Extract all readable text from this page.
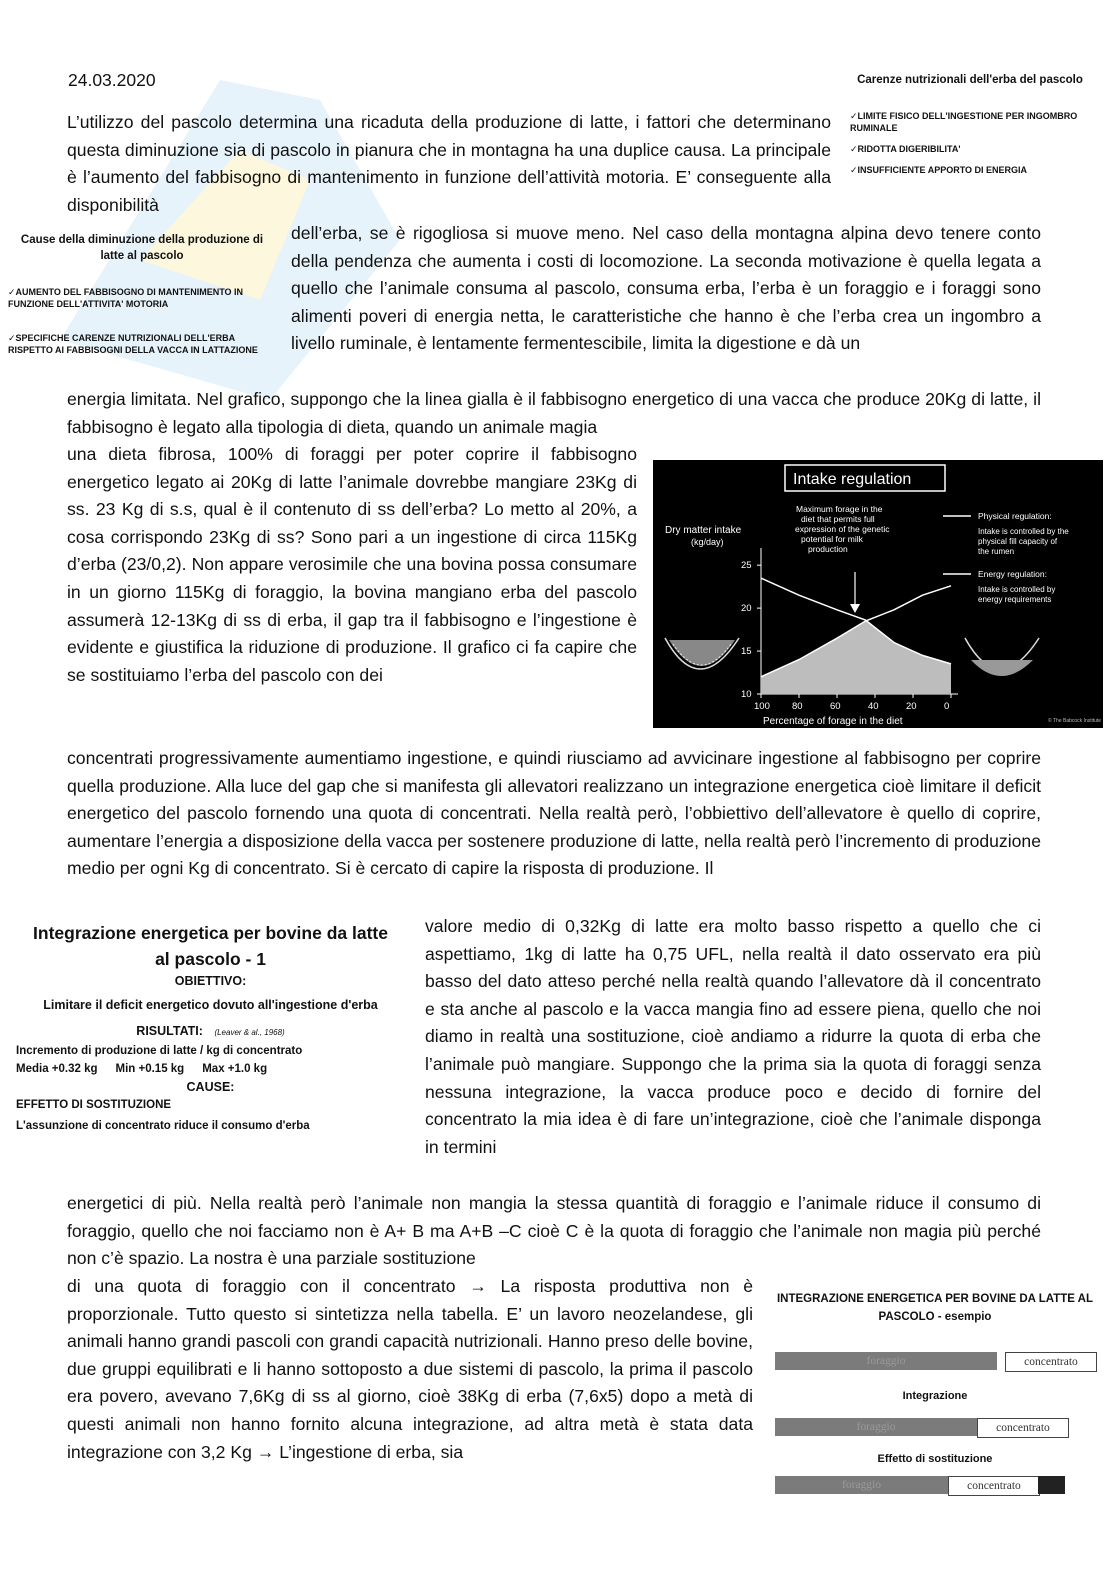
24.03.2020	Carenze nutrizionali dell'erba del pascolo
✓LIMITE FISICO DELL'INGESTIONE PER INGOMBRO RUMINALE
✓RIDOTTA DIGERIBILITA'
✓INSUFFICIENTE APPORTO DI ENERGIA
Cause della diminuzione della produzione di latte al pascolo
✓AUMENTO DEL FABBISOGNO DI MANTENIMENTO IN FUNZIONE DELL'ATTIVITA' MOTORIA
✓SPECIFICHE CARENZE NUTRIZIONALI DELL'ERBA RISPETTO AI FABBISOGNI DELLA VACCA IN LATTAZIONE

L’utilizzo del pascolo determina una ricaduta della produzione di latte, i fattori che determinano questa diminuzione sia di pascolo in pianura che in montagna ha una duplice causa. La principale è l’aumento del fabbisogno di mantenimento in funzione dell’attività motoria. E’ conseguente alla disponibilità

dell’erba, se è rigogliosa si muove meno. Nel caso della montagna alpina devo tenere conto della pendenza che aumenta i costi di locomozione. La seconda motivazione è quella legata a quello che l’animale consuma al pascolo, consuma erba, l’erba è un foraggio e i foraggi sono alimenti poveri di energia netta, le caratteristiche che hanno è che l’erba crea un ingombro a livello ruminale, è lentamente fermentescibile, limita la digestione e dà un

energia limitata. Nel grafico, suppongo che la linea gialla è il fabbisogno energetico di una vacca che produce 20Kg di latte, il fabbisogno è legato alla tipologia di dieta, quando un animale magia

una dieta fibrosa, 100% di foraggi per poter coprire il fabbisogno energetico legato ai 20Kg di latte l’animale dovrebbe mangiare 23Kg di ss. 23 Kg di s.s, qual è il contenuto di ss dell’erba? Lo metto al 20%, a cosa corrispondo 23Kg di ss? Sono pari a un ingestione di circa 115Kg d’erba (23/0,2). Non appare verosimile che una bovina possa consumare in un giorno 115Kg di foraggio, la bovina mangiano erba del pascolo assumerà 12-13Kg di ss di erba, il gap tra il fabbisogno e l’ingestione è evidente e giustifica la riduzione di produzione. Il grafico ci fa capire che se sostituiamo l’erba del pascolo con dei

concentrati progressivamente aumentiamo ingestione, e quindi riusciamo ad avvicinare ingestione al fabbisogno per coprire quella produzione. Alla luce del gap che si manifesta gli allevatori realizzano un integrazione energetica cioè limitare il deficit energetico del pascolo fornendo una quota di concentrati. Nella realtà però, l’obbiettivo dell’allevatore è quello di coprire, aumentare l’energia a disposizione della vacca per sostenere produzione di latte, nella realtà però l’incremento di produzione medio per ogni Kg di concentrato. Si è cercato di capire la risposta di produzione. Il

valore medio di 0,32Kg di latte era molto basso rispetto a quello che ci aspettiamo, 1kg di latte ha 0,75 UFL, nella realtà il dato osservato era più basso del dato atteso perché nella realtà quando l’allevatore dà il concentrato e sta anche al pascolo e la vacca mangia fino ad essere piena, quello che noi diamo in realtà una sostituzione, cioè andiamo a ridurre la quota di erba che l’animale può mangiare. Suppongo che la prima sia la quota di foraggi senza nessuna integrazione, la vacca produce poco e decido di fornire del concentrato la mia idea è di fare un’integrazione, cioè che l’animale disponga in termini

energetici di più. Nella realtà però l’animale non mangia la stessa quantità di foraggio e l’animale riduce il consumo di foraggio, quello che noi facciamo non è A+ B ma A+B –C cioè C è la quota di foraggio che l’animale non magia più perché non c’è spazio. La nostra è una parziale sostituzione

di una quota di foraggio con il concentrato → La risposta produttiva non è proporzionale. Tutto questo si sintetizza nella tabella. E’ un lavoro neozelandese, gli animali hanno grandi pascoli con grandi capacità nutrizionali. Hanno preso delle bovine, due gruppi equilibrati e li hanno sottoposto a due sistemi di pascolo, la prima il pascolo era povero, avevano 7,6Kg di ss al giorno, cioè 38Kg di erba (7,6x5) dopo a metà di questi animali non hanno fornito alcuna integrazione, ad altra metà è stata data integrazione con 3,2 Kg → L’ingestione di erba, sia

Intake regulation
Dry matter intake
(kg/day)
Maximum forage in the diet that permits full expression of the genetic potential for milk production
10
15
20
25
100 80	60	40	20	0
Percentage of forage in the diet
Physical regulation:
Intake is controlled by the physical fill capacity of the rumen
Energy regulation:
Intake is controlled by energy requirements
© The Babcock Institute
Integrazione energetica per bovine da latte
al pascolo - 1
OBIETTIVO:
Limitare il deficit energetico dovuto all'ingestione d'erba
RISULTATI: (Leaver & al., 1968)
Incremento di produzione di latte / kg di concentrato
Media +0.32 kg Min +0.15 kg Max +1.0 kg
CAUSE:
EFFETTO DI SOSTITUZIONE
L'assunzione di concentrato riduce il consumo d'erba
INTEGRAZIONE ENERGETICA PER BOVINE DA LATTE AL PASCOLO - esempio
foraggio	concentrato
Integrazione
foraggio	concentrato
Effetto di sostituzione
foraggio	concentrato
